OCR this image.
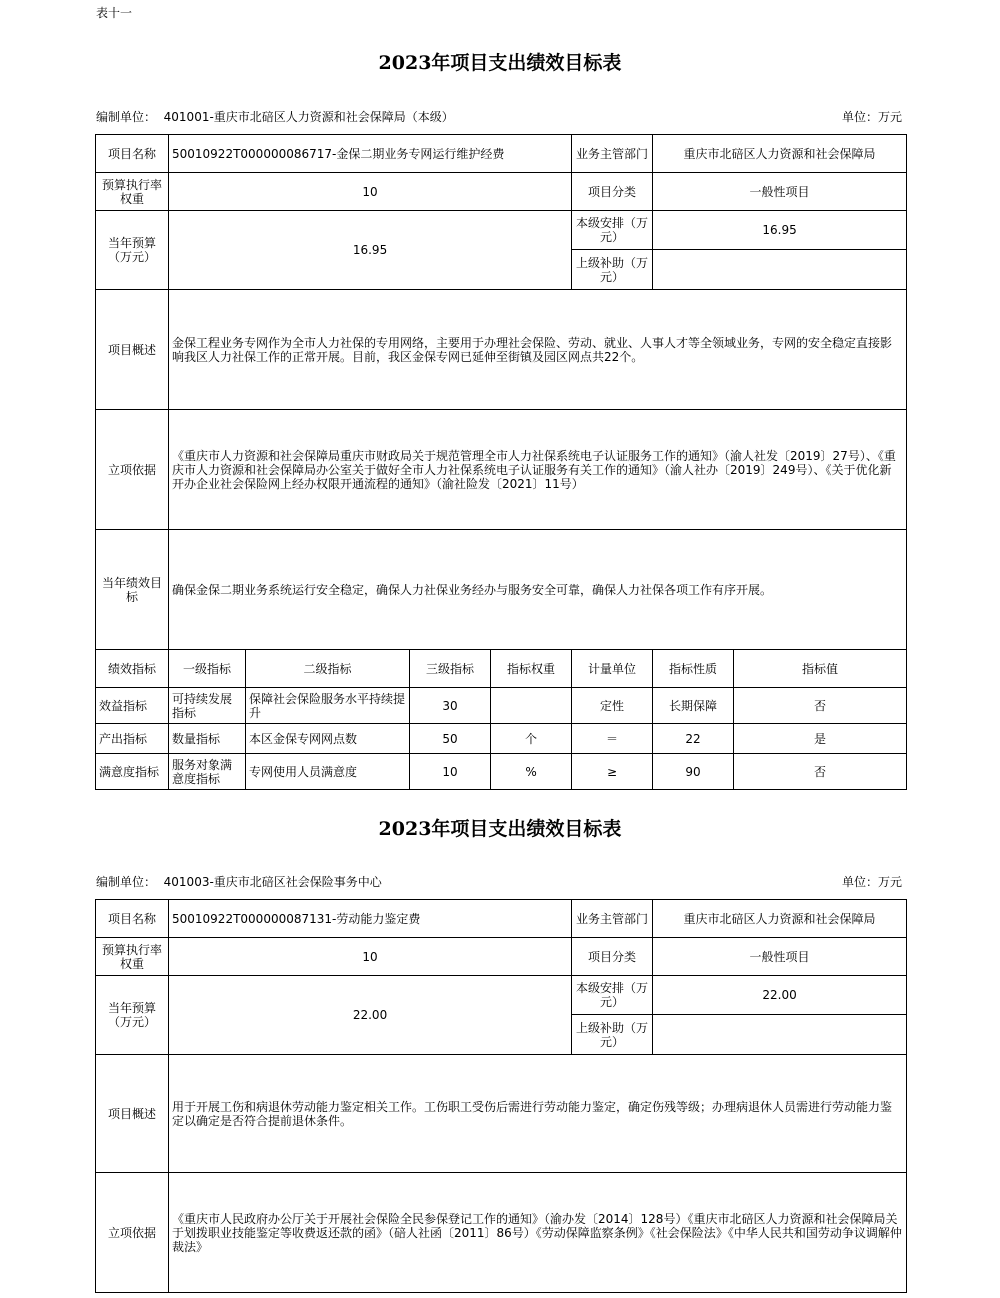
表十一
2023年项目支出绩效目标表
编制单位： 401001-重庆市北碚区人力资源和社会保障局（本级）	单位：万元
项目名称	50010922T000000086717-金保二期业务专网运行维护经费				业务主管部门	重庆市北碚区人力资源和社会保障局	
预算执行率权重	10				项目分类	一般性项目	
当年预算（万元）	16.95				本级安排（万元）	16.95	
					上级补助（万元）		
项目概述	金保工程业务专网作为全市人力社保的专用网络，主要用于办理社会保险、劳动、就业、人事人才等全领域业务，专网的安全稳定直接影响我区人力社保工作的正常开展。目前，我区金保专网已延伸至街镇及园区网点共22个。						
立项依据	《重庆市人力资源和社会保障局重庆市财政局关于规范管理全市人力社保系统电子认证服务工作的通知》（渝人社发〔2019〕27号）、《重庆市人力资源和社会保障局办公室关于做好全市人力社保系统电子认证服务有关工作的通知》（渝人社办〔2019〕249号）、《关于优化新开办企业社会保险网上经办权限开通流程的通知》（渝社险发〔2021〕11号）						
当年绩效目标	确保金保二期业务系统运行安全稳定，确保人力社保业务经办与服务安全可靠，确保人力社保各项工作有序开展。						
绩效指标	一级指标	二级指标	三级指标	指标权重	计量单位	指标性质	指标值
效益指标	可持续发展指标	保障社会保险服务水平持续提升	30		定性	长期保障	否
产出指标	数量指标	本区金保专网网点数	50	个	＝	22	是
满意度指标	服务对象满意度指标	专网使用人员满意度	10	%	≥	90	否
2023年项目支出绩效目标表
编制单位： 401003-重庆市北碚区社会保险事务中心	单位：万元
项目名称	50010922T000000087131-劳动能力鉴定费	业务主管部门	重庆市北碚区人力资源和社会保障局
预算执行率权重	10	项目分类	一般性项目
当年预算（万元）	22.00	本级安排（万元）	22.00
		上级补助（万元）	
项目概述	用于开展工伤和病退休劳动能力鉴定相关工作。工伤职工受伤后需进行劳动能力鉴定，确定伤残等级；办理病退休人员需进行劳动能力鉴定以确定是否符合提前退休条件。		
立项依据	《重庆市人民政府办公厅关于开展社会保险全民参保登记工作的通知》（渝办发〔2014〕128号）《重庆市北碚区人力资源和社会保障局关于划拨职业技能鉴定等收费返还款的函》（碚人社函〔2011〕86号）《劳动保障监察条例》《社会保险法》《中华人民共和国劳动争议调解仲裁法》		
